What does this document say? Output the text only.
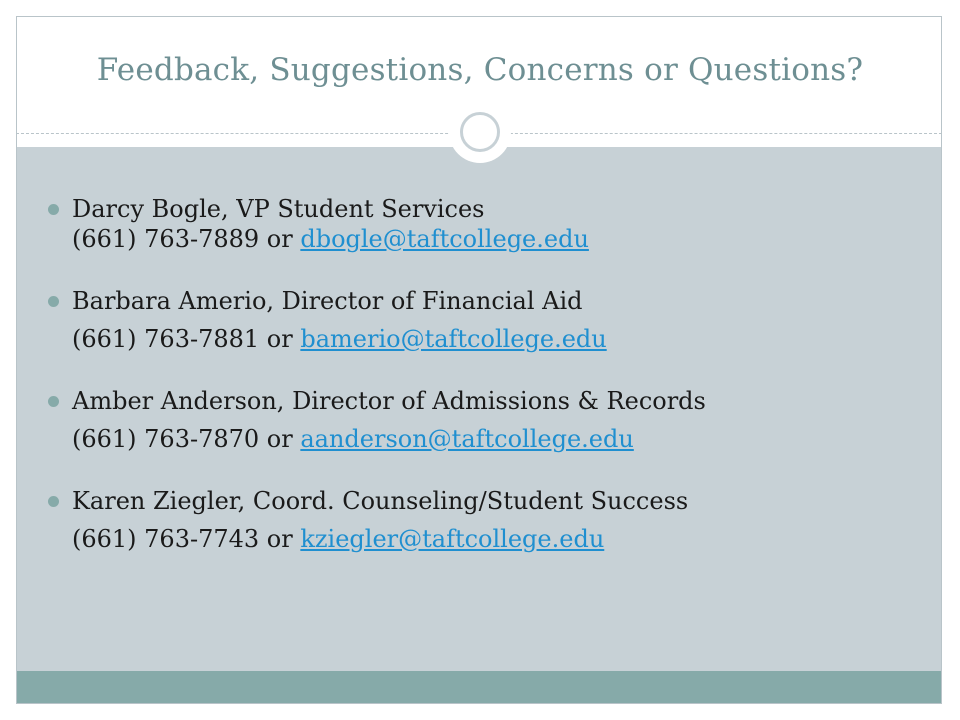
Feedback, Suggestions, Concerns or Questions?
Darcy Bogle, VP Student Services
(661) 763-7889 or dbogle@taftcollege.edu
Barbara Amerio, Director of Financial Aid
(661) 763-7881 or bamerio@taftcollege.edu
Amber Anderson, Director of Admissions & Records
(661) 763-7870 or aanderson@taftcollege.edu
Karen Ziegler, Coord. Counseling/Student Success
(661) 763-7743 or kziegler@taftcollege.edu
